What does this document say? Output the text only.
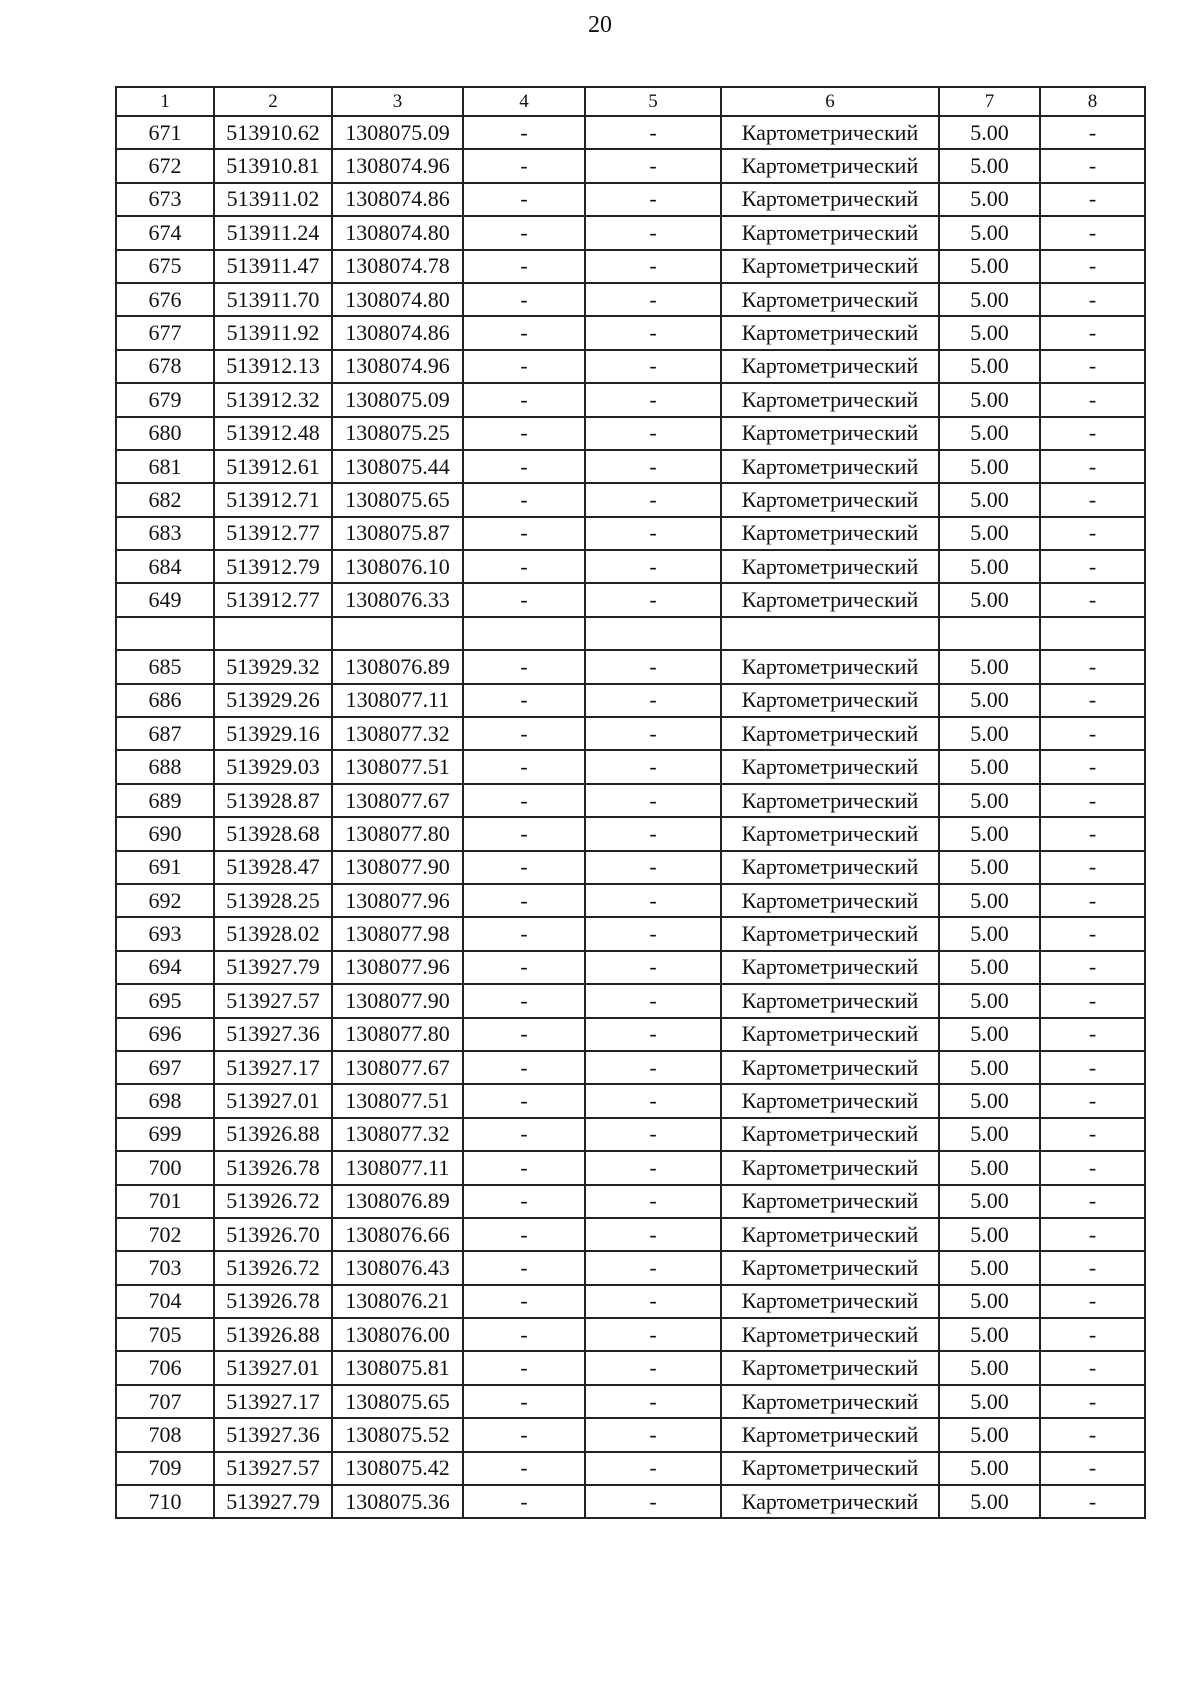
20
1	2	3	4	5	6	7	8
671	513910.62	1308075.09	-	-	Картометрический	5.00	-
672	513910.81	1308074.96	-	-	Картометрический	5.00	-
673	513911.02	1308074.86	-	-	Картометрический	5.00	-
674	513911.24	1308074.80	-	-	Картометрический	5.00	-
675	513911.47	1308074.78	-	-	Картометрический	5.00	-
676	513911.70	1308074.80	-	-	Картометрический	5.00	-
677	513911.92	1308074.86	-	-	Картометрический	5.00	-
678	513912.13	1308074.96	-	-	Картометрический	5.00	-
679	513912.32	1308075.09	-	-	Картометрический	5.00	-
680	513912.48	1308075.25	-	-	Картометрический	5.00	-
681	513912.61	1308075.44	-	-	Картометрический	5.00	-
682	513912.71	1308075.65	-	-	Картометрический	5.00	-
683	513912.77	1308075.87	-	-	Картометрический	5.00	-
684	513912.79	1308076.10	-	-	Картометрический	5.00	-
649	513912.77	1308076.33	-	-	Картометрический	5.00	-

685	513929.32	1308076.89	-	-	Картометрический	5.00	-
686	513929.26	1308077.11	-	-	Картометрический	5.00	-
687	513929.16	1308077.32	-	-	Картометрический	5.00	-
688	513929.03	1308077.51	-	-	Картометрический	5.00	-
689	513928.87	1308077.67	-	-	Картометрический	5.00	-
690	513928.68	1308077.80	-	-	Картометрический	5.00	-
691	513928.47	1308077.90	-	-	Картометрический	5.00	-
692	513928.25	1308077.96	-	-	Картометрический	5.00	-
693	513928.02	1308077.98	-	-	Картометрический	5.00	-
694	513927.79	1308077.96	-	-	Картометрический	5.00	-
695	513927.57	1308077.90	-	-	Картометрический	5.00	-
696	513927.36	1308077.80	-	-	Картометрический	5.00	-
697	513927.17	1308077.67	-	-	Картометрический	5.00	-
698	513927.01	1308077.51	-	-	Картометрический	5.00	-
699	513926.88	1308077.32	-	-	Картометрический	5.00	-
700	513926.78	1308077.11	-	-	Картометрический	5.00	-
701	513926.72	1308076.89	-	-	Картометрический	5.00	-
702	513926.70	1308076.66	-	-	Картометрический	5.00	-
703	513926.72	1308076.43	-	-	Картометрический	5.00	-
704	513926.78	1308076.21	-	-	Картометрический	5.00	-
705	513926.88	1308076.00	-	-	Картометрический	5.00	-
706	513927.01	1308075.81	-	-	Картометрический	5.00	-
707	513927.17	1308075.65	-	-	Картометрический	5.00	-
708	513927.36	1308075.52	-	-	Картометрический	5.00	-
709	513927.57	1308075.42	-	-	Картометрический	5.00	-
710	513927.79	1308075.36	-	-	Картометрический	5.00	-
